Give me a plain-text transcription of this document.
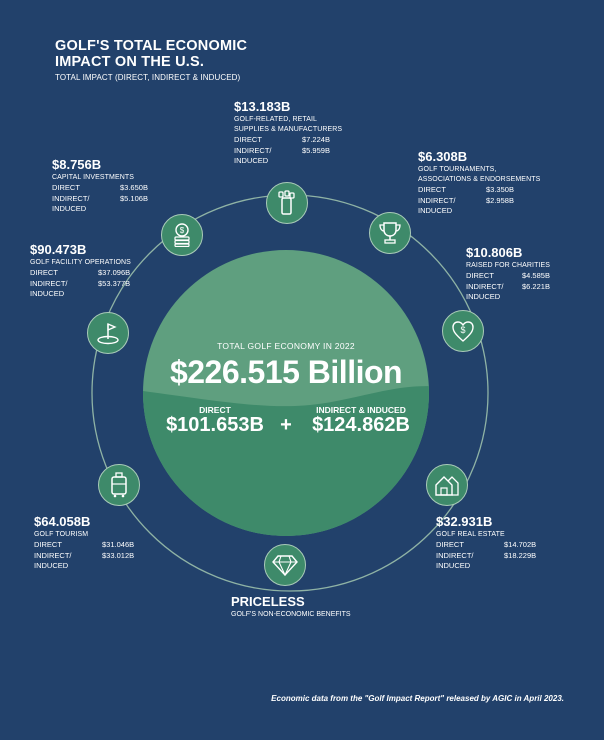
GOLF'S TOTAL ECONOMIC
IMPACT ON THE U.S.
TOTAL IMPACT (DIRECT, INDIRECT & INDUCED)
TOTAL GOLF ECONOMY IN 2022
$226.515 Billion
DIRECT
$101.653B +
INDIRECT & INDUCED
$124.862B
$
$
$13.183B
GOLF-RELATED, RETAIL
SUPPLIES & MANUFACTURERS
DIRECT	$7.224B
INDIRECT/	$5.959B
INDUCED
$8.756B
CAPITAL INVESTMENTS
DIRECT	$3.650B
INDIRECT/	$5.106B
INDUCED
$6.308B
GOLF TOURNAMENTS,
ASSOCIATIONS & ENDORSEMENTS
DIRECT	$3.350B
INDIRECT/	$2.958B
INDUCED
$90.473B
GOLF FACILITY OPERATIONS
DIRECT	$37.096B
INDIRECT/	$53.377B
INDUCED
$10.806B
RAISED FOR CHARITIES
DIRECT	$4.585B
INDIRECT/	$6.221B
INDUCED
$64.058B
GOLF TOURISM
DIRECT	$31.046B
INDIRECT/	$33.012B
INDUCED
$32.931B
GOLF REAL ESTATE
DIRECT	$14.702B
INDIRECT/	$18.229B
INDUCED
PRICELESS
GOLF'S NON-ECONOMIC BENEFITS
Economic data from the "Golf Impact Report" released by AGIC in April 2023.
